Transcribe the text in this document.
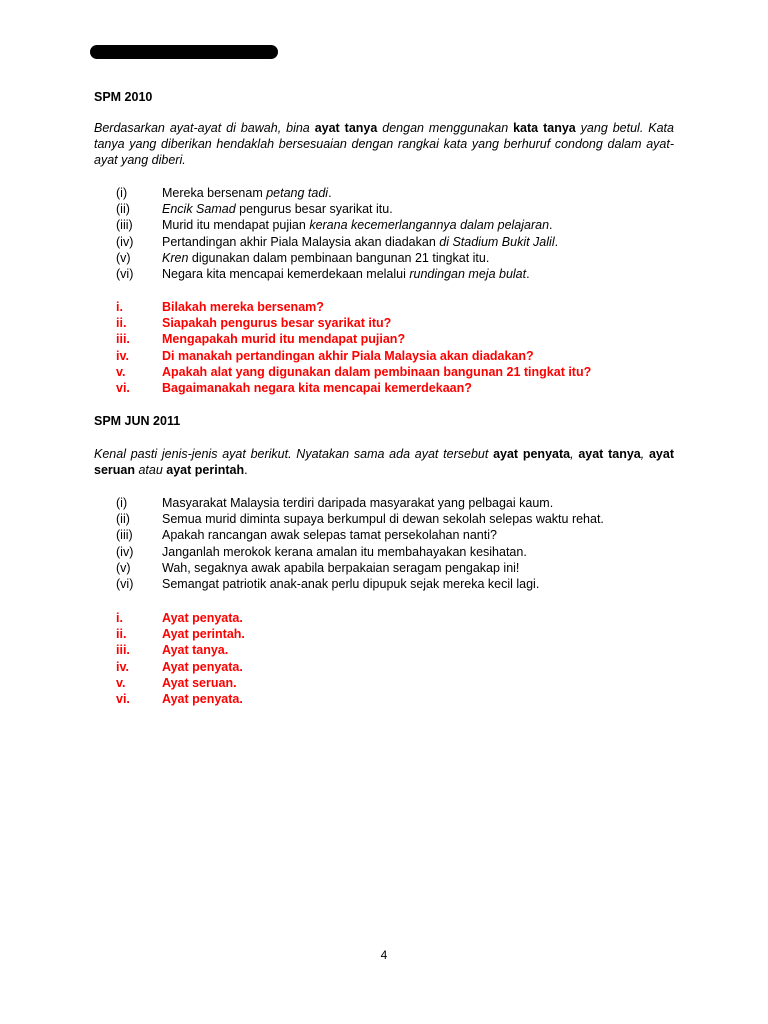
SPM 2010
Berdasarkan ayat-ayat di bawah, bina ayat tanya dengan menggunakan kata tanya yang betul. Kata tanya yang diberikan hendaklah bersesuaian dengan rangkai kata yang berhuruf condong dalam ayat-ayat yang diberi.
(i)	Mereka bersenam petang tadi.
(ii)	Encik Samad pengurus besar syarikat itu.
(iii)	Murid itu mendapat pujian kerana kecemerlangannya dalam pelajaran.
(iv)	Pertandingan akhir Piala Malaysia akan diadakan di Stadium Bukit Jalil.
(v)	Kren digunakan dalam pembinaan bangunan 21 tingkat itu.
(vi)	Negara kita mencapai kemerdekaan melalui rundingan meja bulat.
i.	Bilakah mereka bersenam?
ii.	Siapakah pengurus besar syarikat itu?
iii.	Mengapakah murid itu mendapat pujian?
iv.	Di manakah pertandingan akhir Piala Malaysia akan diadakan?
v.	Apakah alat yang digunakan dalam pembinaan bangunan 21 tingkat itu?
vi.	Bagaimanakah negara kita mencapai kemerdekaan?
SPM JUN 2011
Kenal pasti jenis-jenis ayat berikut. Nyatakan sama ada ayat tersebut ayat penyata, ayat tanya, ayat seruan atau ayat perintah.
(i)	Masyarakat Malaysia terdiri daripada masyarakat yang pelbagai kaum.
(ii)	Semua murid diminta supaya berkumpul di dewan sekolah selepas waktu rehat.
(iii)	Apakah rancangan awak selepas tamat persekolahan nanti?
(iv)	Janganlah merokok kerana amalan itu membahayakan kesihatan.
(v)	Wah, segaknya awak apabila berpakaian seragam pengakap ini!
(vi)	Semangat patriotik anak-anak perlu dipupuk sejak mereka kecil lagi.
i.	Ayat penyata.
ii.	Ayat perintah.
iii.	Ayat tanya.
iv.	Ayat penyata.
v.	Ayat seruan.
vi.	Ayat penyata.
4
